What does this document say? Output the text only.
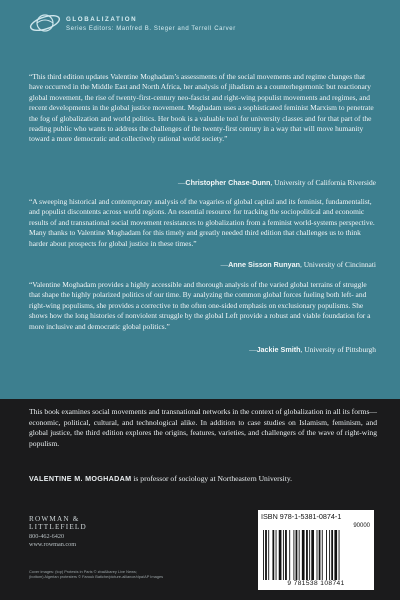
GLOBALIZATION
Series Editors: Manfred B. Steger and Terrell Carver
“This third edition updates Valentine Moghadam’s assessments of the social movements and regime changes that have occurred in the Middle East and North Africa, her analysis of jihadism as a counterhegemonic but reactionary global movement, the rise of twenty-first-century neo-fascist and right-wing populist movements and regimes, and recent developments in the global justice movement. Moghadam uses a sophisticated feminist Marxism to penetrate the fog of globalization and world politics. Her book is a valuable tool for university classes and for that part of the reading public who wants to address the challenges of the twenty-first century in a way that will move humanity toward a more democratic and collectively rational world society.”
—Christopher Chase-Dunn, University of California Riverside
“A sweeping historical and contemporary analysis of the vagaries of global capital and its feminist, fundamentalist, and populist discontents across world regions. An essential resource for tracking the sociopolitical and economic results of and transnational social movement resistances to globalization from a feminist world-systems perspective. Many thanks to Valentine Moghadam for this timely and greatly needed third edition that challenges us to think harder about prospects for global justice in these times.”
—Anne Sisson Runyan, University of Cincinnati
“Valentine Moghadam provides a highly accessible and thorough analysis of the varied global terrains of struggle that shape the highly polarized politics of our time. By analyzing the common global forces fueling both left- and right-wing populisms, she provides a corrective to the often one-sided emphasis on exclusionary populisms. She shows how the long histories of nonviolent struggle by the global Left provide a robust and viable foundation for a more inclusive and democratic global politics.”
—Jackie Smith, University of Pittsburgh
This book examines social movements and transnational networks in the context of globalization in all its forms—economic, political, cultural, and technological alike. In addition to case studies on Islamism, feminism, and global justice, the third edition explores the origins, features, varieties, and challengers of the wave of right-wing populism.
VALENTINE M. MOGHADAM is professor of sociology at Northeastern University.
ROWMAN &
LITTLEFIELD
800-462-6420
www.rowman.com
Cover images: (top) Protests in Paris © zbaAlkarey Live News;
(bottom) Algerian protesters © Farouk Batiche/picture-alliance/dpa/AP Images
ISBN 978-1-5381-0874-1
90000
9 781538 108741
